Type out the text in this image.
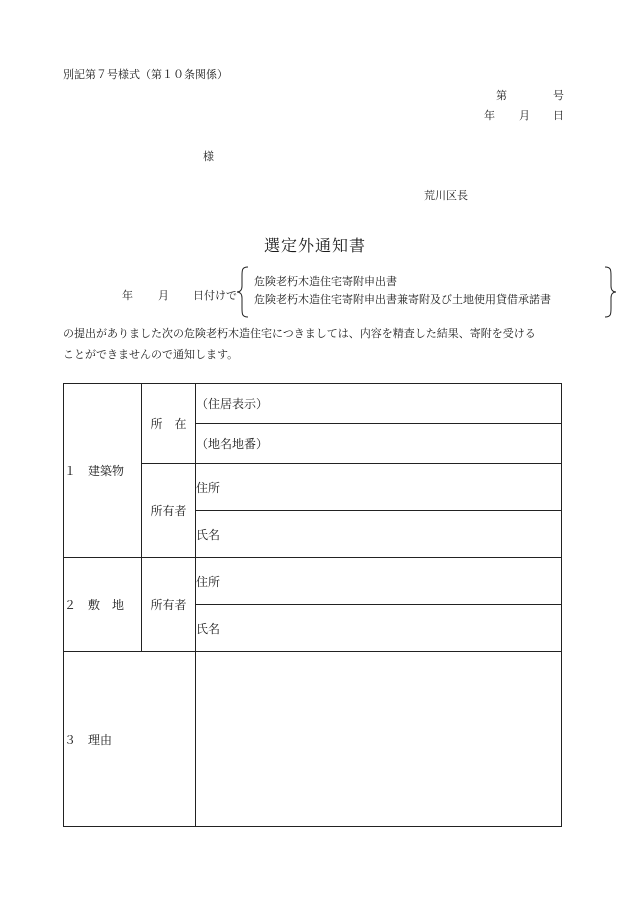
別記第７号様式（第１０条関係）
第	号
年 月 日
様
荒川区長
選定外通知書
年 月 日付けで
危険老朽木造住宅寄附申出書
危険老朽木造住宅寄附申出書兼寄附及び土地使用貸借承諾書
の提出がありました次の危険老朽木造住宅につきましては、内容を精査した結果、寄附を受ける
ことができませんので通知します。
１　建築物	所　在	（住居表示）
		（地名地番）
	所有者	住所
		氏名
２　敷　地	所有者	住所
		氏名
３　理由		
